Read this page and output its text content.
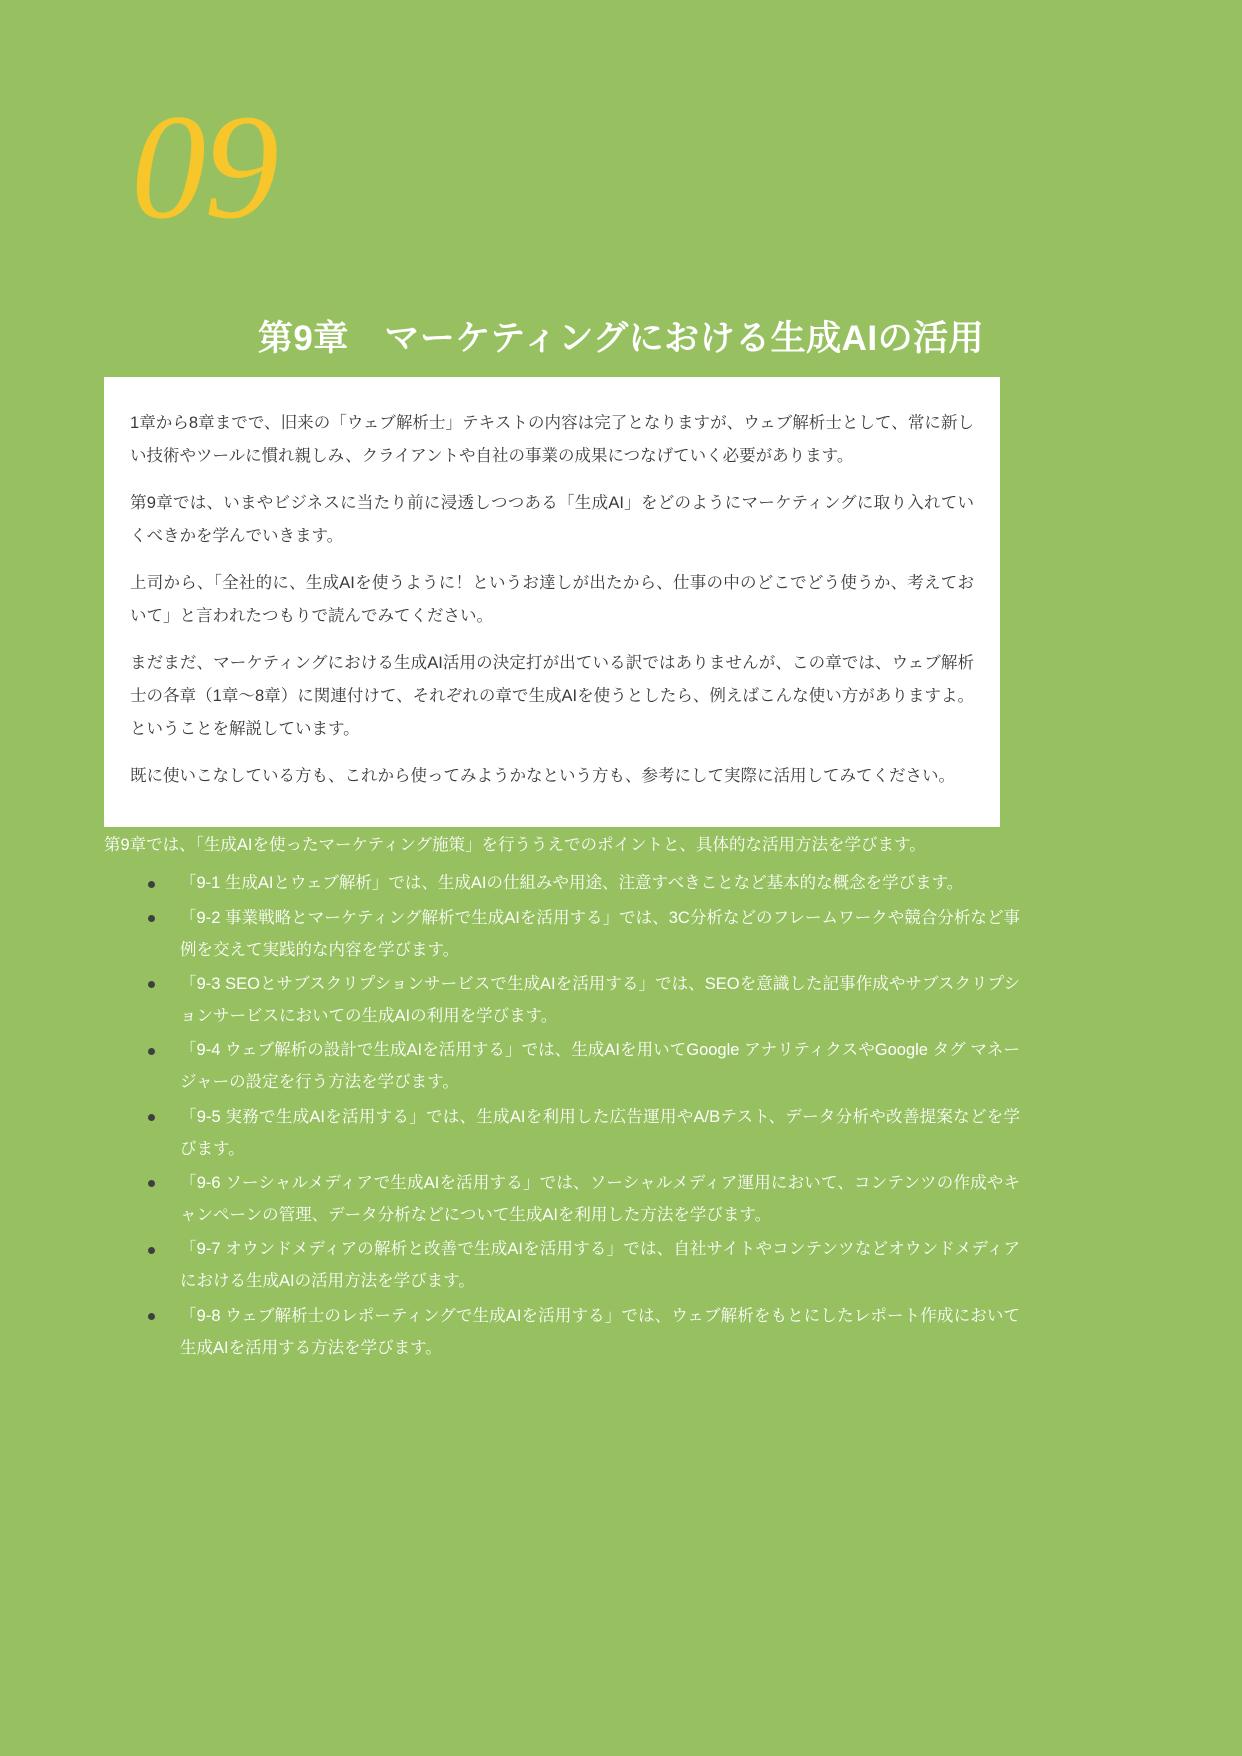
09
第9章　マーケティングにおける生成AIの活用

1章から8章までで、旧来の「ウェブ解析士」テキストの内容は完了となりますが、ウェブ解析士として、常に新しい技術やツールに慣れ親しみ、クライアントや自社の事業の成果につなげていく必要があります。

第9章では、いまやビジネスに当たり前に浸透しつつある「生成AI」をどのようにマーケティングに取り入れていくべきかを学んでいきます。

上司から、「全社的に、生成AIを使うように！というお達しが出たから、仕事の中のどこでどう使うか、考えておいて」と言われたつもりで読んでみてください。

まだまだ、マーケティングにおける生成AI活用の決定打が出ている訳ではありませんが、この章では、ウェブ解析士の各章（1章〜8章）に関連付けて、それぞれの章で生成AIを使うとしたら、例えばこんな使い方がありますよ。ということを解説しています。

既に使いこなしている方も、これから使ってみようかなという方も、参考にして実際に活用してみてください。

第9章では、「生成AIを使ったマーケティング施策」を行ううえでのポイントと、具体的な活用方法を学びます。

「9-1 生成AIとウェブ解析」では、生成AIの仕組みや用途、注意すべきことなど基本的な概念を学びます。
「9-2 事業戦略とマーケティング解析で生成AIを活用する」では、3C分析などのフレームワークや競合分析など事例を交えて実践的な内容を学びます。
「9-3 SEOとサブスクリプションサービスで生成AIを活用する」では、SEOを意識した記事作成やサブスクリプションサービスにおいての生成AIの利用を学びます。
「9-4 ウェブ解析の設計で生成AIを活用する」では、生成AIを用いてGoogle アナリティクスやGoogle タグ マネージャーの設定を行う方法を学びます。
「9-5 実務で生成AIを活用する」では、生成AIを利用した広告運用やA/Bテスト、データ分析や改善提案などを学びます。
「9-6 ソーシャルメディアで生成AIを活用する」では、ソーシャルメディア運用において、コンテンツの作成やキャンペーンの管理、データ分析などについて生成AIを利用した方法を学びます。
「9-7 オウンドメディアの解析と改善で生成AIを活用する」では、自社サイトやコンテンツなどオウンドメディアにおける生成AIの活用方法を学びます。
「9-8 ウェブ解析士のレポーティングで生成AIを活用する」では、ウェブ解析をもとにしたレポート作成において生成AIを活用する方法を学びます。
